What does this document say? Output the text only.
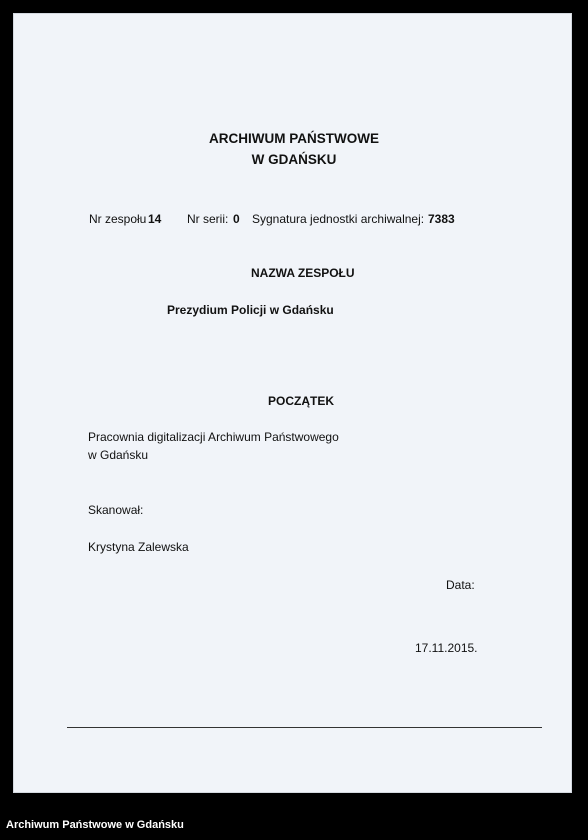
ARCHIWUM PAŃSTWOWE
W GDAŃSKU
Nr zespołu 14 Nr serii: 0 Sygnatura jednostki archiwalnej: 7383
NAZWA ZESPOŁU
Prezydium Policji w Gdańsku
POCZĄTEK
Pracownia digitalizacji Archiwum Państwowego
w Gdańsku
Skanował:
Krystyna Zalewska
Data:
17.11.2015.
Archiwum Państwowe w Gdańsku
